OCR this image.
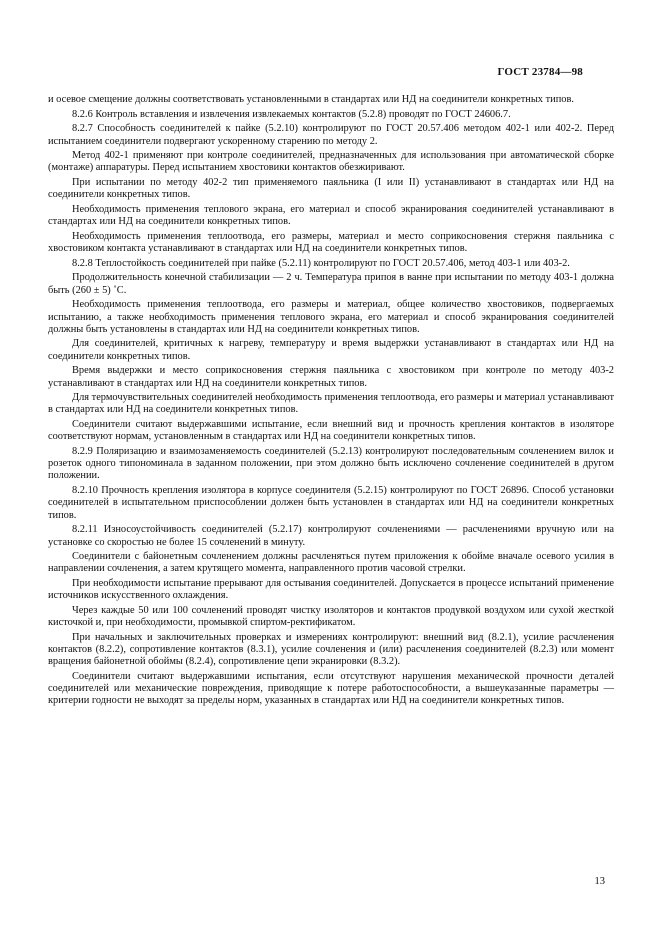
ГОСТ 23784—98

и осевое смещение должны соответствовать установленными в стандартах или НД на соединители конкретных типов.

8.2.6 Контроль вставления и извлечения извлекаемых контактов (5.2.8) проводят по ГОСТ 24606.7.

8.2.7 Способность соединителей к пайке (5.2.10) контролируют по ГОСТ 20.57.406 методом 402-1 или 402-2. Перед испытанием соединители подвергают ускоренному старению по методу 2.

Метод 402-1 применяют при контроле соединителей, предназначенных для использования при автоматической сборке (монтаже) аппаратуры. Перед испытанием хвостовики контактов обезжиривают.

При испытании по методу 402-2 тип применяемого паяльника (I или II) устанавливают в стандартах или НД на соединители конкретных типов.

Необходимость применения теплового экрана, его материал и способ экранирования соединителей устанавливают в стандартах или НД на соединители конкретных типов.

Необходимость применения теплоотвода, его размеры, материал и место соприкосновения стержня паяльника с хвостовиком контакта устанавливают в стандартах или НД на соединители конкретных типов.

8.2.8 Теплостойкость соединителей при пайке (5.2.11) контролируют по ГОСТ 20.57.406, метод 403-1 или 403-2.

Продолжительность конечной стабилизации — 2 ч. Температура припоя в ванне при испытании по методу 403-1 должна быть (260 ± 5) ˚С.

Необходимость применения теплоотвода, его размеры и материал, общее количество хвостовиков, подвергаемых испытанию, а также необходимость применения теплового экрана, его материал и способ экранирования соединителей должны быть установлены в стандартах или НД на соединители конкретных типов.

Для соединителей, критичных к нагреву, температуру и время выдержки устанавливают в стандартах или НД на соединители конкретных типов.

Время выдержки и место соприкосновения стержня паяльника с хвостовиком при контроле по методу 403-2 устанавливают в стандартах или НД на соединители конкретных типов.

Для термочувствительных соединителей необходимость применения теплоотвода, его размеры и материал устанавливают в стандартах или НД на соединители конкретных типов.

Соединители считают выдержавшими испытание, если внешний вид и прочность крепления контактов в изоляторе соответствуют нормам, установленным в стандартах или НД на соединители конкретных типов.

8.2.9 Поляризацию и взаимозаменяемость соединителей (5.2.13) контролируют последовательным сочленением вилок и розеток одного типономинала в заданном положении, при этом должно быть исключено сочленение соединителей в другом положении.

8.2.10 Прочность крепления изолятора в корпусе соединителя (5.2.15) контролируют по ГОСТ 26896. Способ установки соединителей в испытательном приспособлении должен быть установлен в стандартах или НД на соединители конкретных типов.

8.2.11 Износоустойчивость соединителей (5.2.17) контролируют сочленениями — расчленениями вручную или на установке со скоростью не более 15 сочленений в минуту.

Соединители с байонетным сочленением должны расчленяться путем приложения к обойме вначале осевого усилия в направлении сочленения, а затем крутящего момента, направленного против часовой стрелки.

При необходимости испытание прерывают для остывания соединителей. Допускается в процессе испытаний применение источников искусственного охлаждения.

Через каждые 50 или 100 сочленений проводят чистку изоляторов и контактов продувкой воздухом или сухой жесткой кисточкой и, при необходимости, промывкой спиртом-ректификатом.

При начальных и заключительных проверках и измерениях контролируют: внешний вид (8.2.1), усилие расчленения контактов (8.2.2), сопротивление контактов (8.3.1), усилие сочленения и (или) расчленения соединителей (8.2.3) или момент вращения байонетной обоймы (8.2.4), сопротивление цепи экранировки (8.3.2).

Соединители считают выдержавшими испытания, если отсутствуют нарушения механической прочности деталей соединителей или механические повреждения, приводящие к потере работоспособности, а вышеуказанные параметры — критерии годности не выходят за пределы норм, указанных в стандартах или НД на соединители конкретных типов.

13
